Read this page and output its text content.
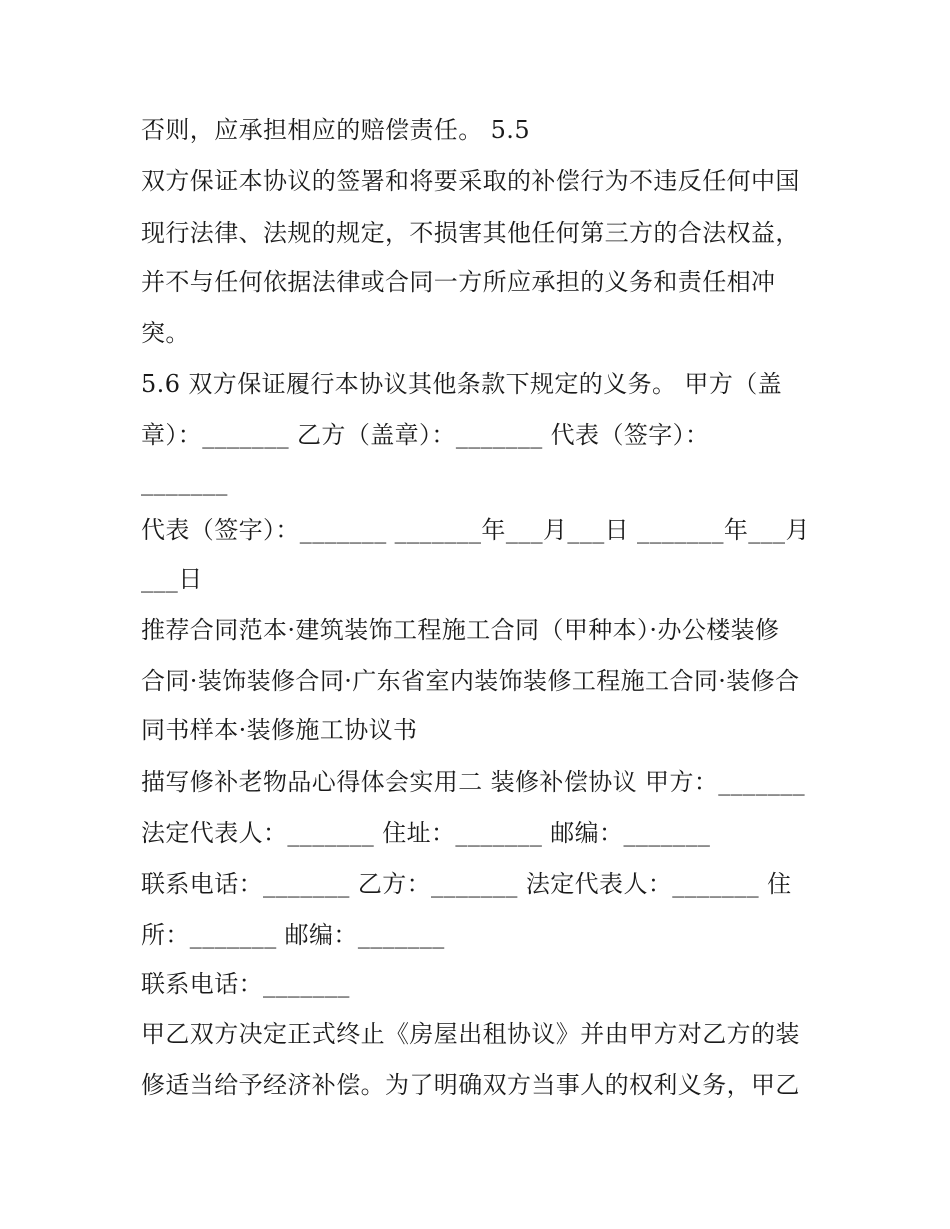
否则，应承担相应的赔偿责任。 5.5
双方保证本协议的签署和将要采取的补偿行为不违反任何中国
现行法律、法规的规定，不损害其他任何第三方的合法权益，
并不与任何依据法律或合同一方所应承担的义务和责任相冲
突。
5.6 双方保证履行本协议其他条款下规定的义务。 甲方（盖
章）：_______ 乙方（盖章）：_______ 代表（签字）：
_______
代表（签字）：_______ _______年___月___日 _______年___月
___日
推荐合同范本·建筑装饰工程施工合同（甲种本）·办公楼装修
合同·装饰装修合同·广东省室内装饰装修工程施工合同·装修合
同书样本·装修施工协议书
描写修补老物品心得体会实用二 装修补偿协议 甲方：_______
法定代表人：_______ 住址：_______ 邮编：_______
联系电话：_______ 乙方：_______ 法定代表人：_______ 住
所：_______ 邮编：_______
联系电话：_______
甲乙双方决定正式终止《房屋出租协议》并由甲方对乙方的装
修适当给予经济补偿。为了明确双方当事人的权利义务，甲乙
